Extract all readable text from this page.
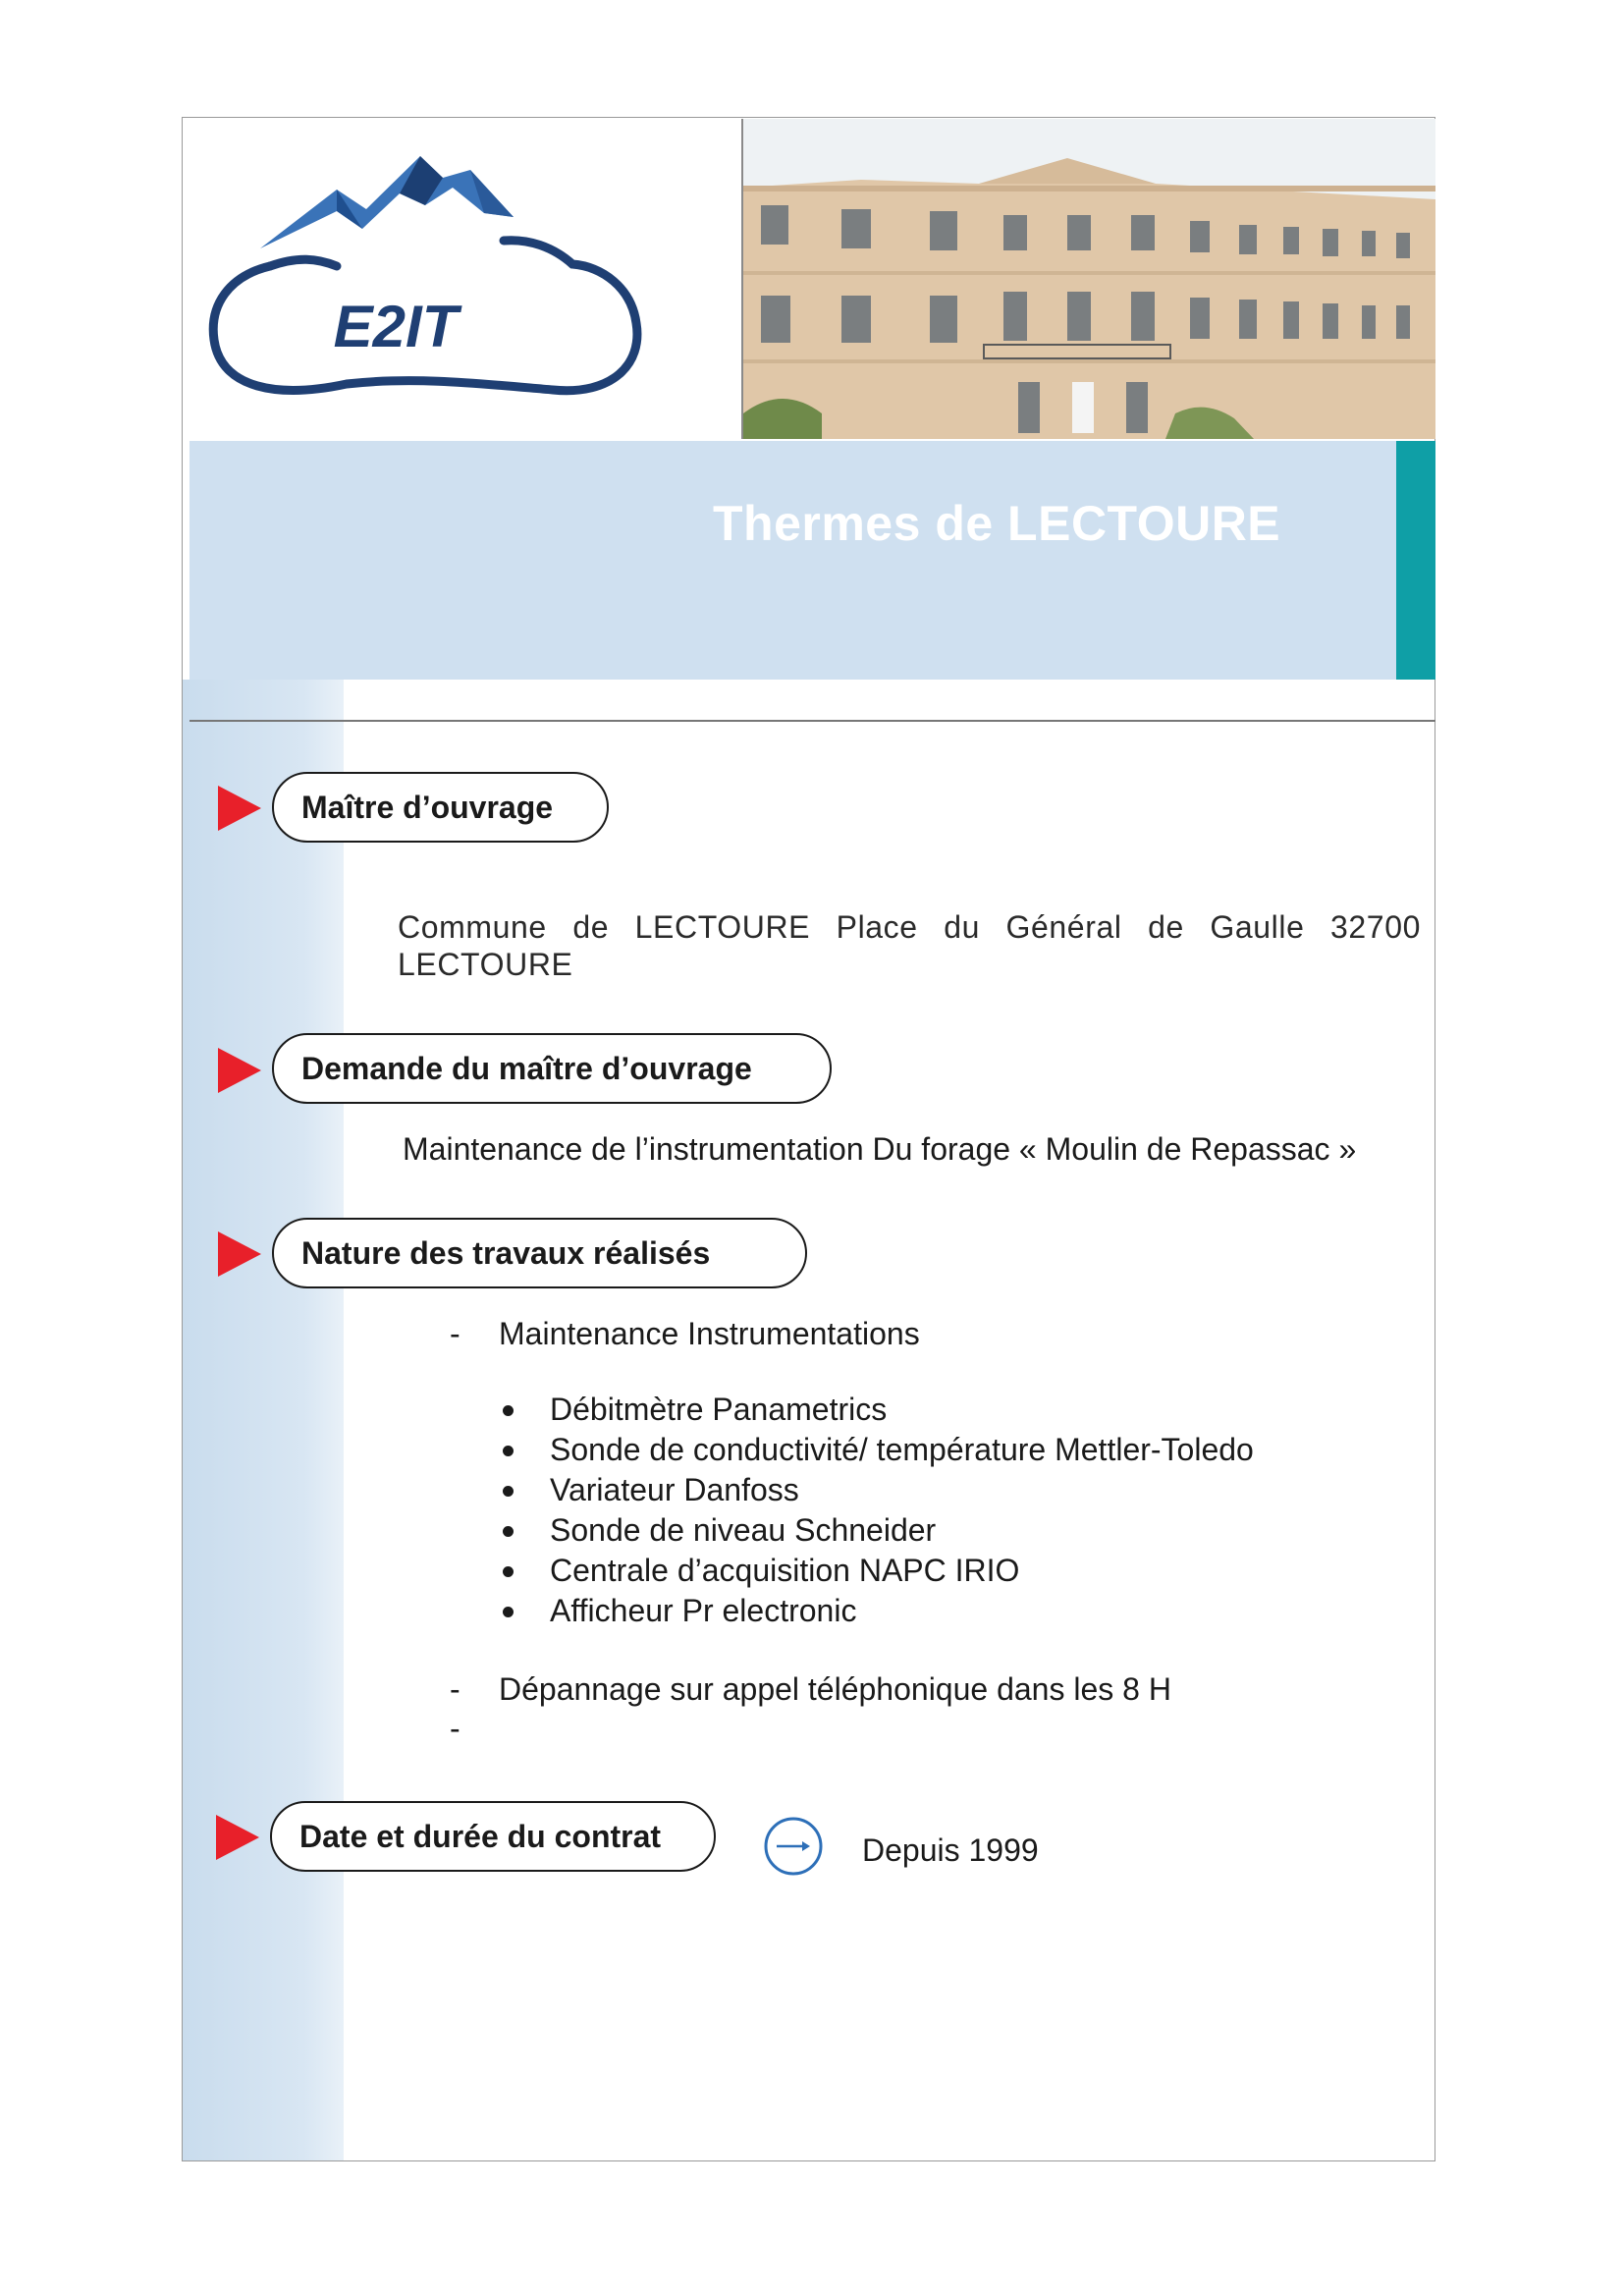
E2IT
Thermes de LECTOURE
Maître d’ouvrage
Commune de LECTOURE Place du Général de Gaulle 32700 LECTOURE
Demande du maître d’ouvrage
Maintenance de l’instrumentation Du forage « Moulin de Repassac »
Nature des travaux réalisés
- Maintenance Instrumentations
Débitmètre Panametrics
Sonde de conductivité/ température Mettler-Toledo
Variateur Danfoss
Sonde de niveau Schneider
Centrale d’acquisition NAPC IRIO
Afficheur Pr electronic
- Dépannage sur appel téléphonique dans les 8 H
-
Date et durée du contrat	Depuis 1999
